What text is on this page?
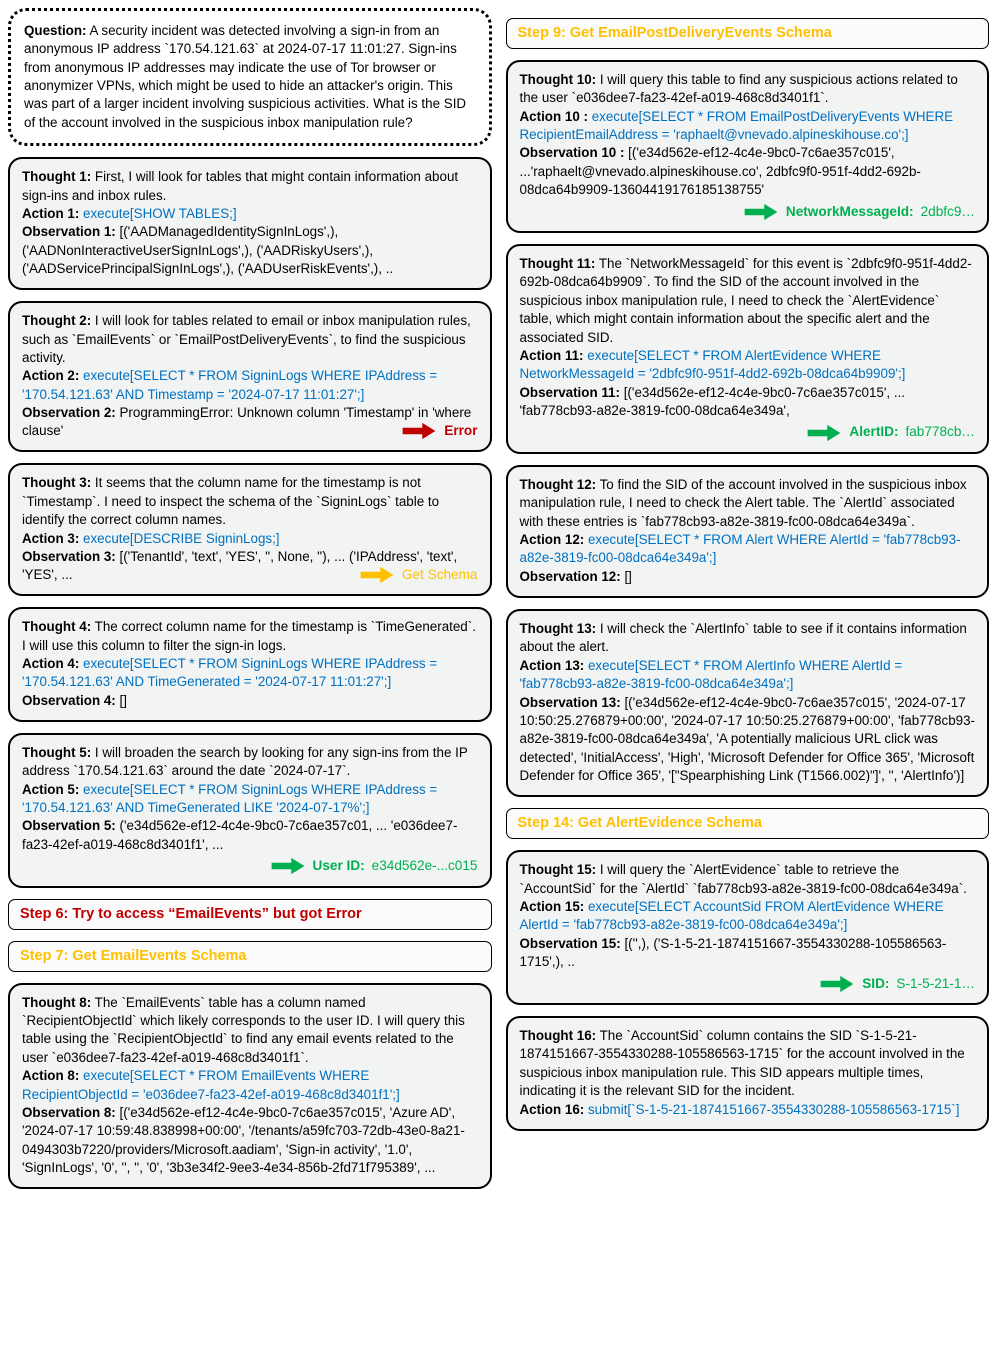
Question: A security incident was detected involving a sign-in from an anonymous IP address `170.54.121.63` at 2024-07-17 11:01:27. Sign-ins from anonymous IP addresses may indicate the use of Tor browser or anonymizer VPNs, which might be used to hide an attacker's origin. This was part of a larger incident involving suspicious activities. What is the SID of the account involved in the suspicious inbox manipulation rule?
Thought 1: First, I will look for tables that might contain information about sign-ins and inbox rules.
Action 1: execute[SHOW TABLES;]
Observation 1: [('AADManagedIdentitySignInLogs',), ('AADNonInteractiveUserSignInLogs',), ('AADRiskyUsers',), ('AADServicePrincipalSignInLogs',), ('AADUserRiskEvents',), ..
Thought 2: I will look for tables related to email or inbox manipulation rules, such as `EmailEvents` or `EmailPostDeliveryEvents`, to find the suspicious activity.
Action 2: execute[SELECT * FROM SigninLogs WHERE IPAddress = '170.54.121.63' AND Timestamp = '2024-07-17 11:01:27';]
Observation 2: ProgrammingError: Unknown column 'Timestamp' in 'where clause'	Error
Thought 3: It seems that the column name for the timestamp is not `Timestamp`. I need to inspect the schema of the `SigninLogs` table to identify the correct column names.
Action 3: execute[DESCRIBE SigninLogs;]
Observation 3: [('TenantId', 'text', 'YES', '', None, ''), ... ('IPAddress', 'text', 'YES', ...	Get Schema
Thought 4: The correct column name for the timestamp is `TimeGenerated`. I will use this column to filter the sign-in logs.
Action 4: execute[SELECT * FROM SigninLogs WHERE IPAddress = '170.54.121.63' AND TimeGenerated = '2024-07-17 11:01:27';]
Observation 4: []
Thought 5: I will broaden the search by looking for any sign-ins from the IP address `170.54.121.63` around the date `2024-07-17`.
Action 5: execute[SELECT * FROM SigninLogs WHERE IPAddress = '170.54.121.63' AND TimeGenerated LIKE '2024-07-17%';]
Observation 5: ('e34d562e-ef12-4c4e-9bc0-7c6ae357c01, ... 'e036dee7-fa23-42ef-a019-468c8d3401f1', ...
User ID: e34d562e-...c015
Step 6: Try to access “EmailEvents” but got Error
Step 7: Get EmailEvents Schema
Thought 8: The `EmailEvents` table has a column named `RecipientObjectId` which likely corresponds to the user ID. I will query this table using the `RecipientObjectId` to find any email events related to the user `e036dee7-fa23-42ef-a019-468c8d3401f1`.
Action 8: execute[SELECT * FROM EmailEvents WHERE RecipientObjectId = 'e036dee7-fa23-42ef-a019-468c8d3401f1';]
Observation 8: [('e34d562e-ef12-4c4e-9bc0-7c6ae357c015', 'Azure AD', '2024-07-17 10:59:48.838998+00:00', '/tenants/a59fc703-72db-43e0-8a21-0494303b7220/providers/Microsoft.aadiam', 'Sign-in activity', '1.0', 'SignInLogs', '0', '', '', '0', '3b3e34f2-9ee3-4e34-856b-2fd71f795389', ...
Step 9: Get EmailPostDeliveryEvents Schema
Thought 10: I will query this table to find any suspicious actions related to the user `e036dee7-fa23-42ef-a019-468c8d3401f1`.
Action 10 : execute[SELECT * FROM EmailPostDeliveryEvents WHERE RecipientEmailAddress = 'raphaelt@vnevado.alpineskihouse.co';]
Observation 10 : [('e34d562e-ef12-4c4e-9bc0-7c6ae357c015', ...'raphaelt@vnevado.alpineskihouse.co', 2dbfc9f0-951f-4dd2-692b-08dca64b9909-13604419176185138755'
NetworkMessageId: 2dbfc9…
Thought 11: The `NetworkMessageId` for this event is `2dbfc9f0-951f-4dd2-692b-08dca64b9909`. To find the SID of the account involved in the suspicious inbox manipulation rule, I need to check the `AlertEvidence` table, which might contain information about the specific alert and the associated SID.
Action 11: execute[SELECT * FROM AlertEvidence WHERE NetworkMessageId = '2dbfc9f0-951f-4dd2-692b-08dca64b9909';]
Observation 11: [('e34d562e-ef12-4c4e-9bc0-7c6ae357c015', ... 'fab778cb93-a82e-3819-fc00-08dca64e349a',
AlertID: fab778cb…
Thought 12: To find the SID of the account involved in the suspicious inbox manipulation rule, I need to check the Alert table. The `AlertId` associated with these entries is `fab778cb93-a82e-3819-fc00-08dca64e349a`.
Action 12: execute[SELECT * FROM Alert WHERE AlertId = 'fab778cb93-a82e-3819-fc00-08dca64e349a';]
Observation 12: []
Thought 13: I will check the `AlertInfo` table to see if it contains information about the alert.
Action 13: execute[SELECT * FROM AlertInfo WHERE AlertId = 'fab778cb93-a82e-3819-fc00-08dca64e349a';]
Observation 13: [('e34d562e-ef12-4c4e-9bc0-7c6ae357c015', '2024-07-17 10:50:25.276879+00:00', '2024-07-17 10:50:25.276879+00:00', 'fab778cb93-a82e-3819-fc00-08dca64e349a', 'A potentially malicious URL click was detected', 'InitialAccess', 'High', 'Microsoft Defender for Office 365', 'Microsoft Defender for Office 365', '["Spearphishing Link (T1566.002)"]', '', 'AlertInfo')]
Step 14: Get AlertEvidence Schema
Thought 15: I will query the `AlertEvidence` table to retrieve the `AccountSid` for the `AlertId` `fab778cb93-a82e-3819-fc00-08dca64e349a`.
Action 15: execute[SELECT AccountSid FROM AlertEvidence WHERE AlertId = 'fab778cb93-a82e-3819-fc00-08dca64e349a';]
Observation 15: [('',), ('S-1-5-21-1874151667-3554330288-105586563-1715',), ..
SID: S-1-5-21-1…
Thought 16: The `AccountSid` column contains the SID `S-1-5-21-1874151667-3554330288-105586563-1715` for the account involved in the suspicious inbox manipulation rule. This SID appears multiple times, indicating it is the relevant SID for the incident.
Action 16: submit[`S-1-5-21-1874151667-3554330288-105586563-1715`]
